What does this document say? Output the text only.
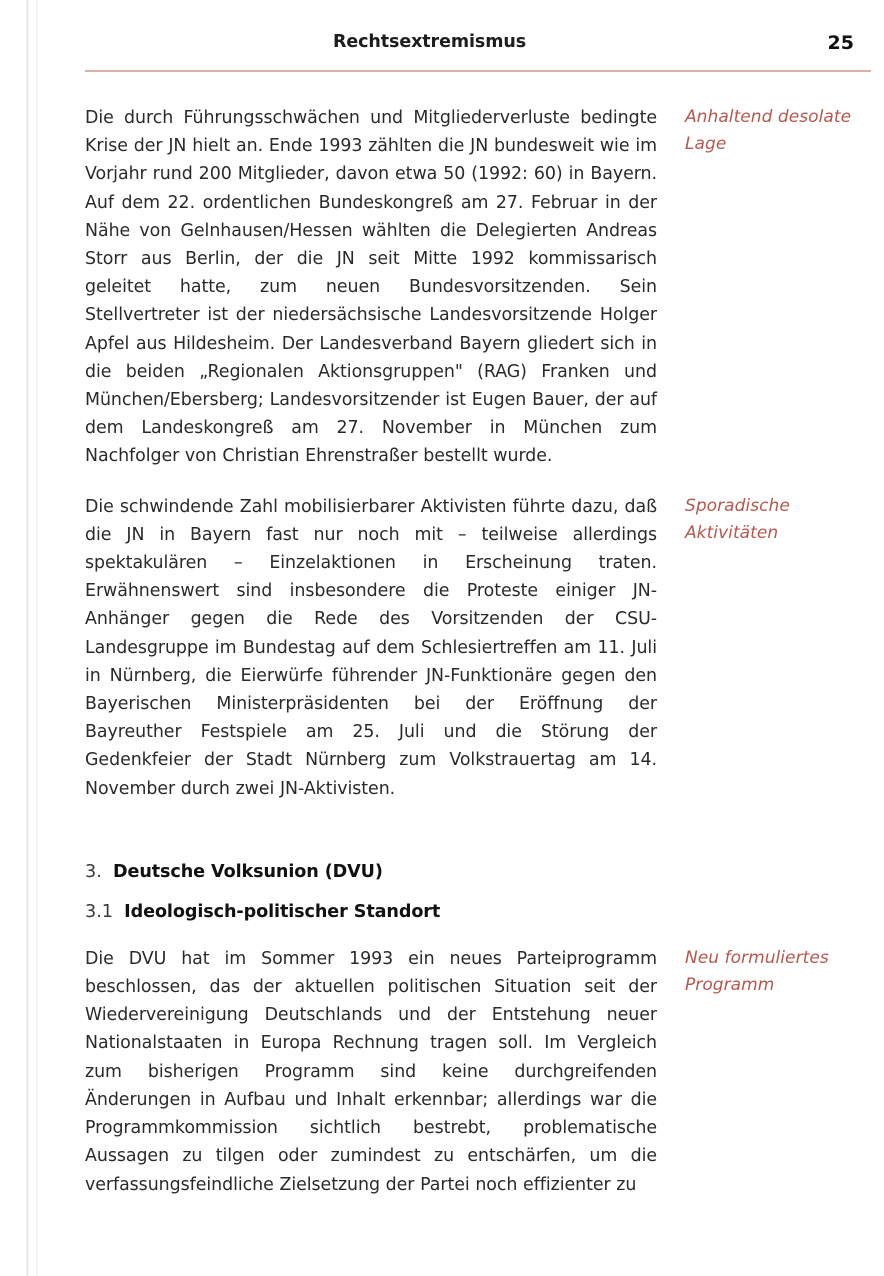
Rechtsextremismus	25

Die durch Führungsschwächen und Mitgliederverluste bedingte Krise der JN hielt an. Ende 1993 zählten die JN bundesweit wie im Vorjahr rund 200 Mitglieder, davon etwa 50 (1992: 60) in Bayern. Auf dem 22. ordentlichen Bundeskongreß am 27. Februar in der Nähe von Gelnhausen/Hessen wählten die Delegierten Andreas Storr aus Berlin, der die JN seit Mitte 1992 kommissarisch geleitet hatte, zum neuen Bundesvorsitzenden. Sein Stellvertreter ist der niedersächsische Landesvorsitzende Holger Apfel aus Hildesheim. Der Landesverband Bayern gliedert sich in die beiden „Regionalen Aktionsgruppen" (RAG) Franken und München/Ebersberg; Landesvorsitzender ist Eugen Bauer, der auf dem Landeskongreß am 27. November in München zum Nachfolger von Christian Ehrenstraßer bestellt wurde.

Anhaltend desolate Lage

Die schwindende Zahl mobilisierbarer Aktivisten führte dazu, daß die JN in Bayern fast nur noch mit – teilweise allerdings spektakulären – Einzelaktionen in Erscheinung traten. Erwähnenswert sind insbesondere die Proteste einiger JN-Anhänger gegen die Rede des Vorsitzenden der CSU-Landesgruppe im Bundestag auf dem Schlesiertreffen am 11. Juli in Nürnberg, die Eierwürfe führender JN-Funktionäre gegen den Bayerischen Ministerpräsidenten bei der Eröffnung der Bayreuther Festspiele am 25. Juli und die Störung der Gedenkfeier der Stadt Nürnberg zum Volkstrauertag am 14. November durch zwei JN-Aktivisten.

Sporadische Aktivitäten
3. Deutsche Volksunion (DVU)
3.1 Ideologisch-politischer Standort

Die DVU hat im Sommer 1993 ein neues Parteiprogramm beschlossen, das der aktuellen politischen Situation seit der Wiedervereinigung Deutschlands und der Entstehung neuer Nationalstaaten in Europa Rechnung tragen soll. Im Vergleich zum bisherigen Programm sind keine durchgreifenden Änderungen in Aufbau und Inhalt erkennbar; allerdings war die Programmkommission sichtlich bestrebt, problematische Aussagen zu tilgen oder zumindest zu entschärfen, um die verfassungsfeindliche Zielsetzung der Partei noch effizienter zu

Neu formuliertes Programm
